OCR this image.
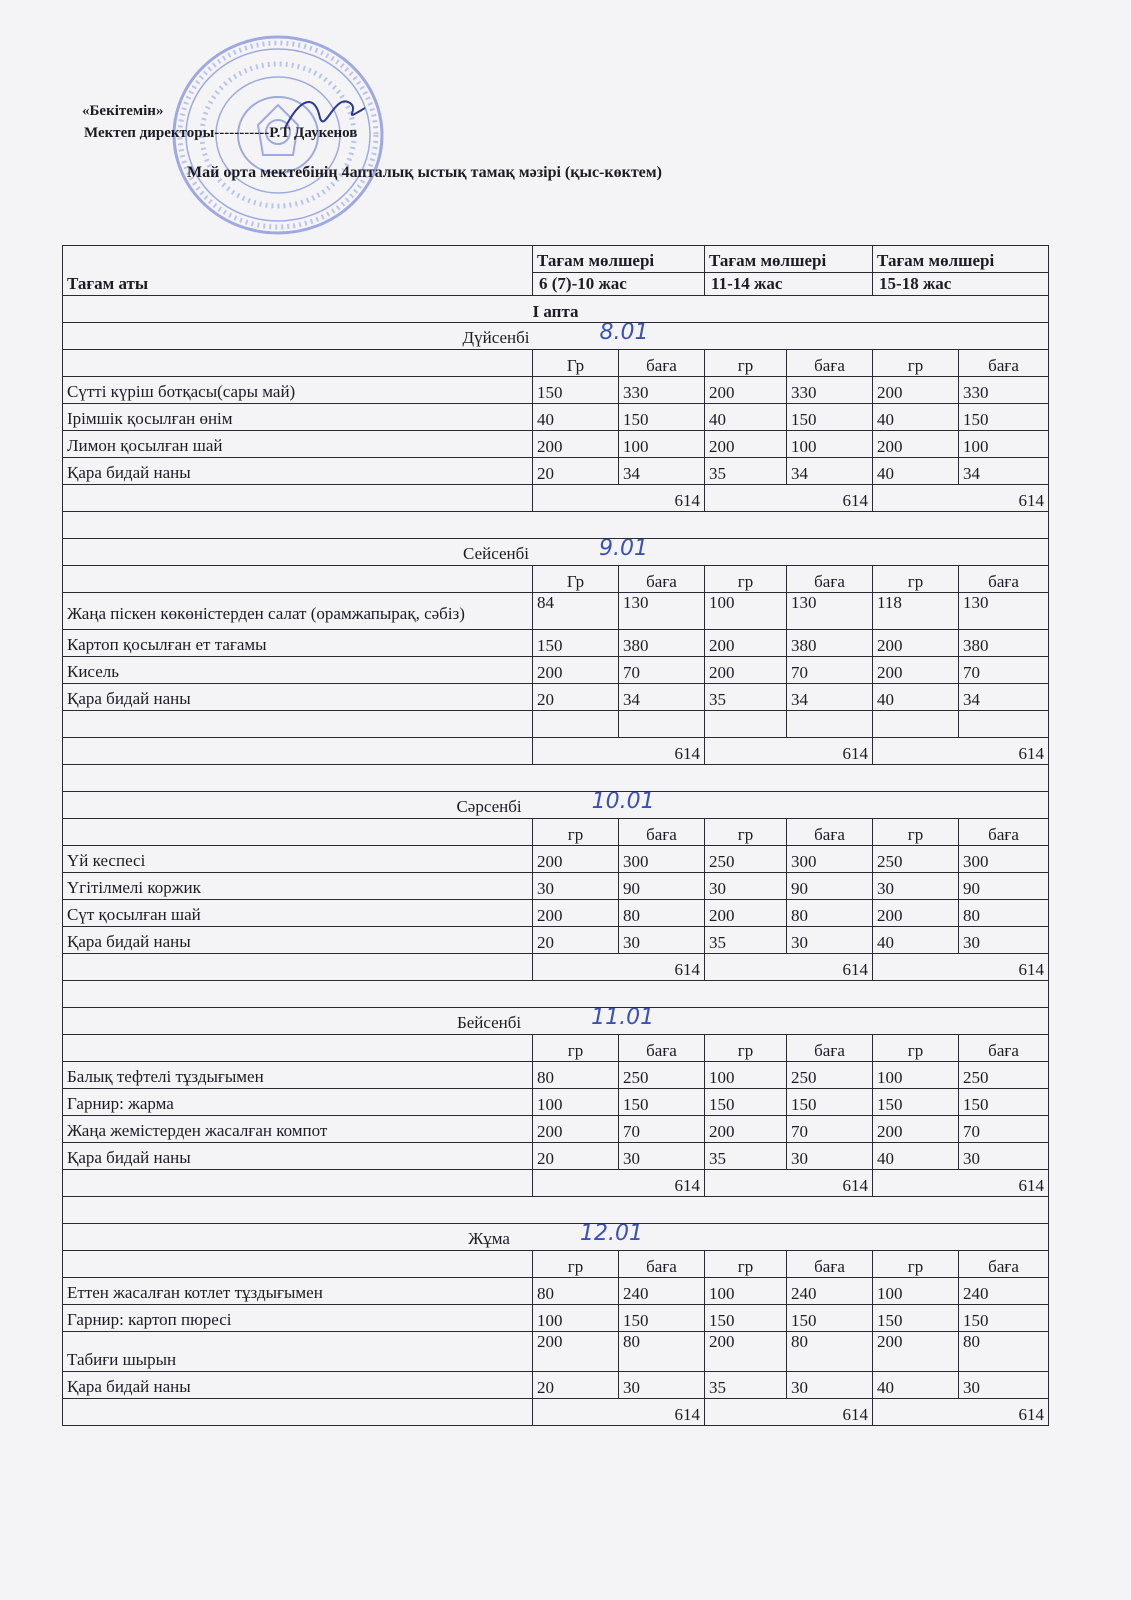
«Бекітемін»
Мектеп директоры-----------Р.Т Даукенов
Май орта мектебінің 4апталық ыстық тамақ мәзірі (қыс-көктем)
Тағам аты	Тағам мөлшері		Тағам мөлшері		Тағам мөлшері	
	6 (7)-10 жас		11-14 жас		15-18 жас	
І апта						
Дүйсенбі 8.01						
	Гр	баға	гр	баға	гр	баға
Сүтті күріш ботқасы(сары май)	150	330	200	330	200	330
Ірімшік қосылған өнім	40	150	40	150	40	150
Лимон қосылған шай	200	100	200	100	200	100
Қара бидай наны	20	34	35	34	40	34
	614		614		614	

Сейсенбі 9.01						
	Гр	баға	гр	баға	гр	баға
Жаңа піскен көкөністерден салат (орамжапырақ, сәбіз)	84	130	100	130	118	130
Картоп қосылған ет тағамы	150	380	200	380	200	380
Кисель	200	70	200	70	200	70
Қара бидай наны	20	34	35	34	40	34

	614		614		614	

Сәрсенбі 10.01						
	гр	баға	гр	баға	гр	баға
Үй кеспесі	200	300	250	300	250	300
Үгітілмелі коржик	30	90	30	90	30	90
Сүт қосылған шай	200	80	200	80	200	80
Қара бидай наны	20	30	35	30	40	30
	614		614		614	

Бейсенбі 11.01						
	гр	баға	гр	баға	гр	баға
Балық тефтелі тұздығымен	80	250	100	250	100	250
Гарнир: жарма	100	150	150	150	150	150
Жаңа жемістерден жасалған компот	200	70	200	70	200	70
Қара бидай наны	20	30	35	30	40	30
	614		614		614	

Жұма 12.01						
	гр	баға	гр	баға	гр	баға
Еттен жасалған котлет тұздығымен	80	240	100	240	100	240
Гарнир: картоп пюресі	100	150	150	150	150	150
Табиғи шырын	200	80	200	80	200	80
Қара бидай наны	20	30	35	30	40	30
	614		614		614	
